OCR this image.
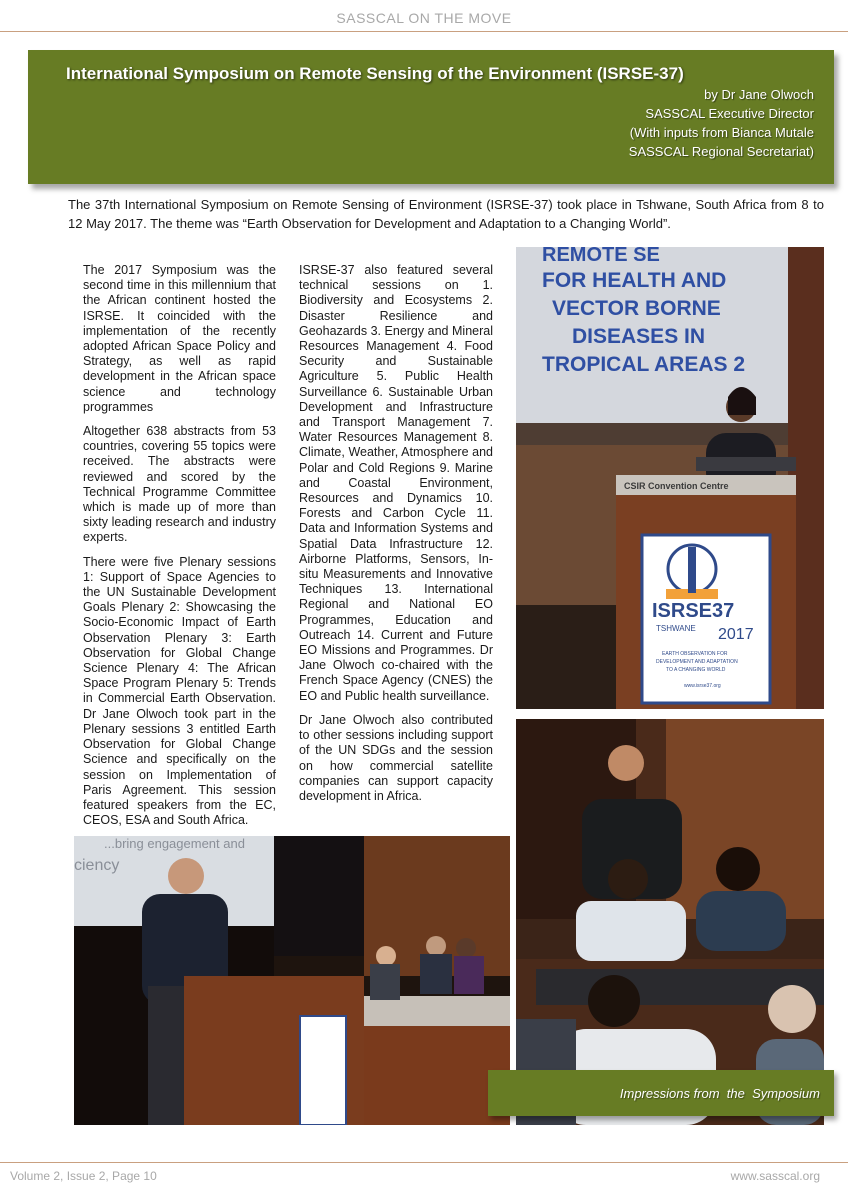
SASSCAL ON THE MOVE
International Symposium on Remote Sensing of the Environment (ISRSE-37)
by Dr Jane Olwoch
SASSCAL Executive Director
(With inputs from Bianca Mutale
SASSCAL Regional Secretariat)
The 37th International Symposium on Remote Sensing of Environment (ISRSE-37) took place in Tshwane, South Africa from 8 to 12 May 2017. The theme was “Earth Observation for Development and Adaptation to a Changing World”.

The 2017 Symposium was the second time in this millennium that the African continent hosted the ISRSE. It coincided with the implementation of the recently adopted African Space Policy and Strategy, as well as rapid development in the African space science and technology programmes

Altogether 638 abstracts from 53 countries, covering 55 topics were received. The abstracts were reviewed and scored by the Technical Programme Committee which is made up of more than sixty leading research and industry experts.

There were five Plenary sessions 1: Support of Space Agencies to the UN Sustainable Development Goals Plenary 2: Showcasing the Socio-Economic Impact of Earth Observation Plenary 3: Earth Observation for Global Change Science Plenary 4: The African Space Program Plenary 5: Trends in Commercial Earth Observation. Dr Jane Olwoch took part in the Plenary sessions 3 entitled Earth Observation for Global Change Science and specifically on the session on Implementation of Paris Agreement. This session featured speakers from the EC, CEOS, ESA and South Africa.

ISRSE-37 also featured several technical sessions on 1. Biodiversity and Ecosystems 2. Disaster Resilience and Geohazards 3. Energy and Mineral Resources Management 4. Food Security and Sustainable Agriculture 5. Public Health Surveillance 6. Sustainable Urban Development and Infrastructure and Transport Management 7. Water Resources Management 8. Climate, Weather, Atmosphere and Polar and Cold Regions 9. Marine and Coastal Environment, Resources and Dynamics 10. Forests and Carbon Cycle 11. Data and Information Systems and Spatial Data Infrastructure 12. Airborne Platforms, Sensors, In-situ Measurements and Innovative Techniques 13. International Regional and National EO Programmes, Education and Outreach 14. Current and Future EO Missions and Programmes. Dr Jane Olwoch co-chaired with the French Space Agency (CNES) the EO and Public health surveillance.

Dr Jane Olwoch also contributed to other sessions including support of the UN SDGs and the session on how commercial satellite companies can support capacity development in Africa.

REMOTE SE
FOR HEALTH AND
VECTOR BORNE
DISEASES IN
TROPICAL AREAS 2
CSIR Convention Centre
ISRSE37
TSHWANE 2017
EARTH OBSERVATION FOR
DEVELOPMENT AND ADAPTATION
TO A CHANGING WORLD
www.isrse37.org
...bring engagement and
ciency
Impressions from  the  Symposium
Volume 2, Issue 2, Page 10	www.sasscal.org
